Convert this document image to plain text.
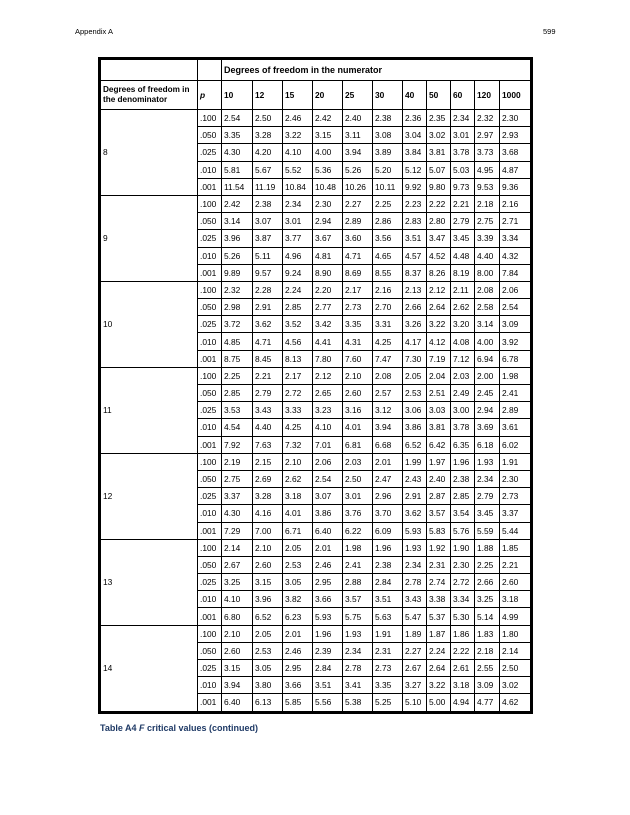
Appendix A	599
		Degrees of freedom in the numerator										
Degrees of freedom in the denominator	p	10	12	15	20	25	30	40	50	60	120	1000
8	.100	2.54	2.50	2.46	2.42	2.40	2.38	2.36	2.35	2.34	2.32	2.30
	.050	3.35	3.28	3.22	3.15	3.11	3.08	3.04	3.02	3.01	2.97	2.93
	.025	4.30	4.20	4.10	4.00	3.94	3.89	3.84	3.81	3.78	3.73	3.68
	.010	5.81	5.67	5.52	5.36	5.26	5.20	5.12	5.07	5.03	4.95	4.87
	.001	11.54	11.19	10.84	10.48	10.26	10.11	9.92	9.80	9.73	9.53	9.36
9	.100	2.42	2.38	2.34	2.30	2.27	2.25	2.23	2.22	2.21	2.18	2.16
	.050	3.14	3.07	3.01	2.94	2.89	2.86	2.83	2.80	2.79	2.75	2.71
	.025	3.96	3.87	3.77	3.67	3.60	3.56	3.51	3.47	3.45	3.39	3.34
	.010	5.26	5.11	4.96	4.81	4.71	4.65	4.57	4.52	4.48	4.40	4.32
	.001	9.89	9.57	9.24	8.90	8.69	8.55	8.37	8.26	8.19	8.00	7.84
10	.100	2.32	2.28	2.24	2.20	2.17	2.16	2.13	2.12	2.11	2.08	2.06
	.050	2.98	2.91	2.85	2.77	2.73	2.70	2.66	2.64	2.62	2.58	2.54
	.025	3.72	3.62	3.52	3.42	3.35	3.31	3.26	3.22	3.20	3.14	3.09
	.010	4.85	4.71	4.56	4.41	4.31	4.25	4.17	4.12	4.08	4.00	3.92
	.001	8.75	8.45	8.13	7.80	7.60	7.47	7.30	7.19	7.12	6.94	6.78
11	.100	2.25	2.21	2.17	2.12	2.10	2.08	2.05	2.04	2.03	2.00	1.98
	.050	2.85	2.79	2.72	2.65	2.60	2.57	2.53	2.51	2.49	2.45	2.41
	.025	3.53	3.43	3.33	3.23	3.16	3.12	3.06	3.03	3.00	2.94	2.89
	.010	4.54	4.40	4.25	4.10	4.01	3.94	3.86	3.81	3.78	3.69	3.61
	.001	7.92	7.63	7.32	7.01	6.81	6.68	6.52	6.42	6.35	6.18	6.02
12	.100	2.19	2.15	2.10	2.06	2.03	2.01	1.99	1.97	1.96	1.93	1.91
	.050	2.75	2.69	2.62	2.54	2.50	2.47	2.43	2.40	2.38	2.34	2.30
	.025	3.37	3.28	3.18	3.07	3.01	2.96	2.91	2.87	2.85	2.79	2.73
	.010	4.30	4.16	4.01	3.86	3.76	3.70	3.62	3.57	3.54	3.45	3.37
	.001	7.29	7.00	6.71	6.40	6.22	6.09	5.93	5.83	5.76	5.59	5.44
13	.100	2.14	2.10	2.05	2.01	1.98	1.96	1.93	1.92	1.90	1.88	1.85
	.050	2.67	2.60	2.53	2.46	2.41	2.38	2.34	2.31	2.30	2.25	2.21
	.025	3.25	3.15	3.05	2.95	2.88	2.84	2.78	2.74	2.72	2.66	2.60
	.010	4.10	3.96	3.82	3.66	3.57	3.51	3.43	3.38	3.34	3.25	3.18
	.001	6.80	6.52	6.23	5.93	5.75	5.63	5.47	5.37	5.30	5.14	4.99
14	.100	2.10	2.05	2.01	1.96	1.93	1.91	1.89	1.87	1.86	1.83	1.80
	.050	2.60	2.53	2.46	2.39	2.34	2.31	2.27	2.24	2.22	2.18	2.14
	.025	3.15	3.05	2.95	2.84	2.78	2.73	2.67	2.64	2.61	2.55	2.50
	.010	3.94	3.80	3.66	3.51	3.41	3.35	3.27	3.22	3.18	3.09	3.02
	.001	6.40	6.13	5.85	5.56	5.38	5.25	5.10	5.00	4.94	4.77	4.62
Table A4 F critical values (continued)
